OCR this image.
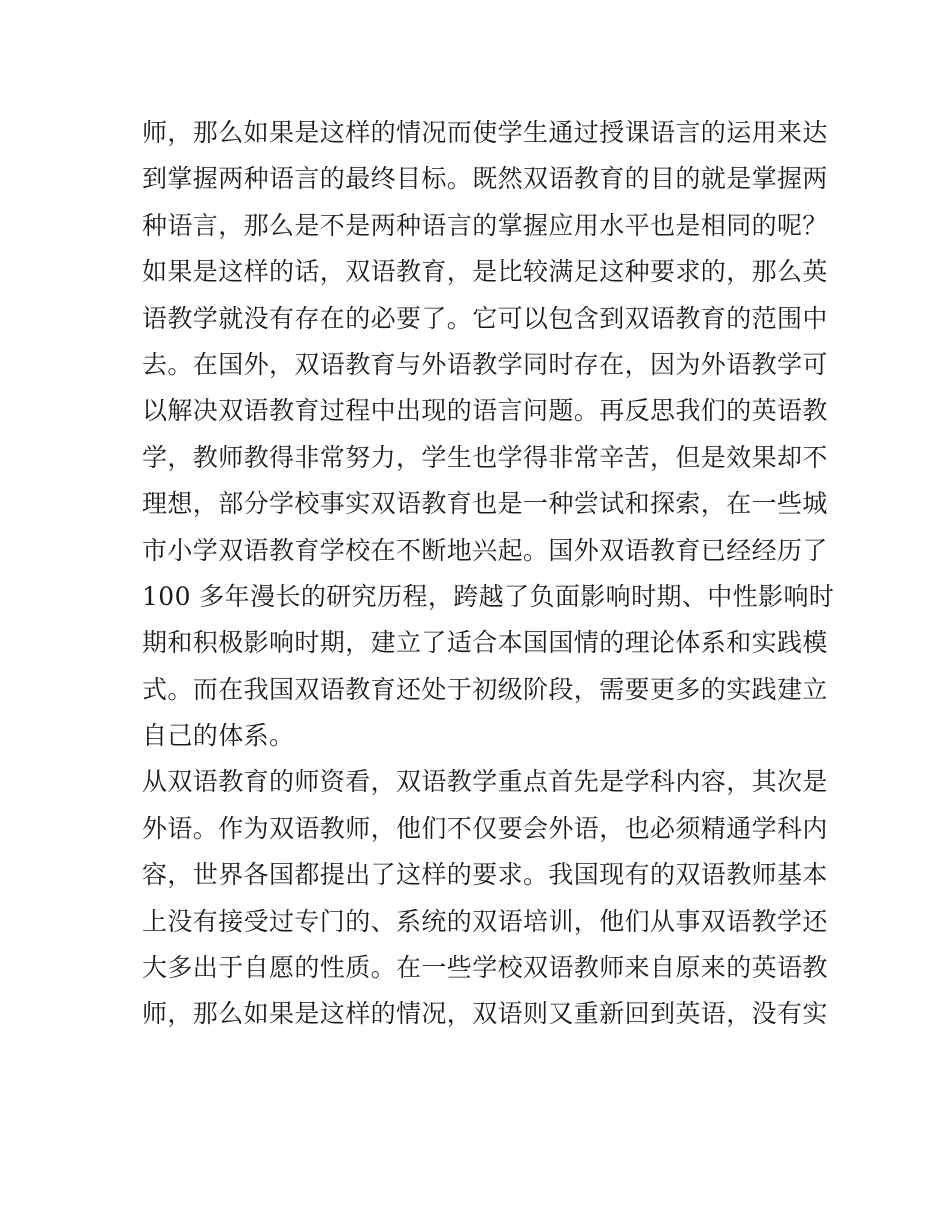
师，那么如果是这样的情况而使学生通过授课语言的运用来达
到掌握两种语言的最终目标。既然双语教育的目的就是掌握两
种语言，那么是不是两种语言的掌握应用水平也是相同的呢？
如果是这样的话，双语教育，是比较满足这种要求的，那么英
语教学就没有存在的必要了。它可以包含到双语教育的范围中
去。在国外，双语教育与外语教学同时存在，因为外语教学可
以解决双语教育过程中出现的语言问题。再反思我们的英语教
学，教师教得非常努力，学生也学得非常辛苦，但是效果却不
理想，部分学校事实双语教育也是一种尝试和探索，在一些城
市小学双语教育学校在不断地兴起。国外双语教育已经经历了
100 多年漫长的研究历程，跨越了负面影响时期、中性影响时
期和积极影响时期，建立了适合本国国情的理论体系和实践模
式。而在我国双语教育还处于初级阶段，需要更多的实践建立
自己的体系。
从双语教育的师资看，双语教学重点首先是学科内容，其次是
外语。作为双语教师，他们不仅要会外语，也必须精通学科内
容，世界各国都提出了这样的要求。我国现有的双语教师基本
上没有接受过专门的、系统的双语培训，他们从事双语教学还
大多出于自愿的性质。在一些学校双语教师来自原来的英语教
师，那么如果是这样的情况，双语则又重新回到英语，没有实
